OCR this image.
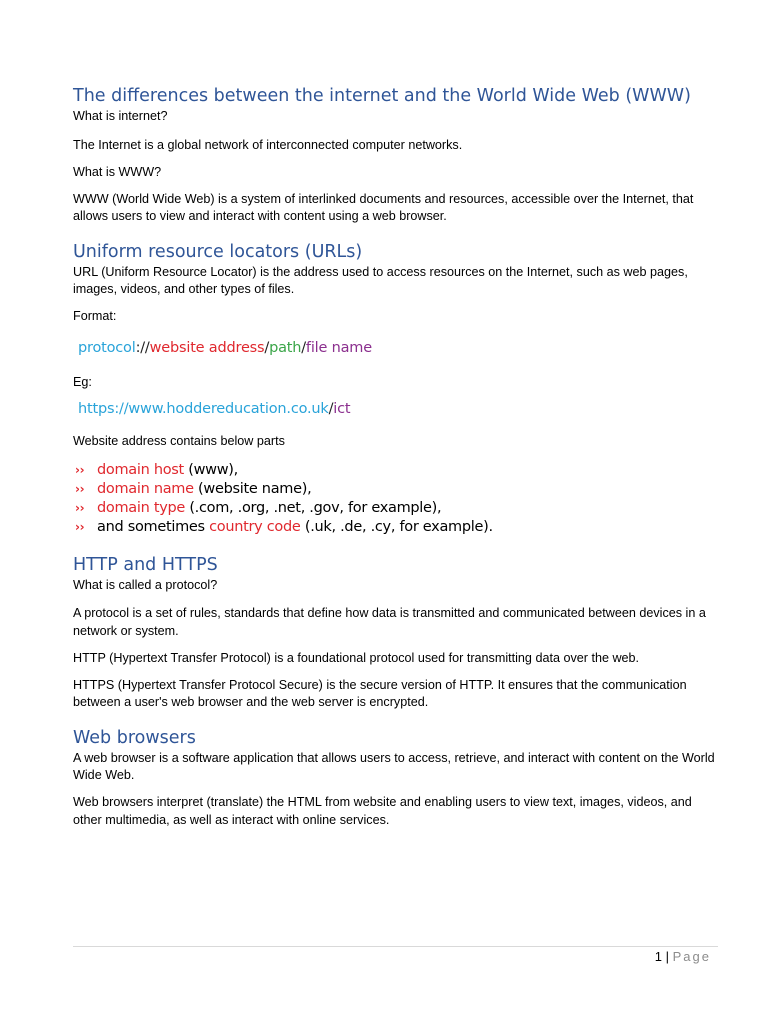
The differences between the internet and the World Wide Web (WWW)

What is internet?

The Internet is a global network of interconnected computer networks.

What is WWW?

WWW (World Wide Web) is a system of interlinked documents and resources, accessible over the Internet, that allows users to view and interact with content using a web browser.

Uniform resource locators (URLs)

URL (Uniform Resource Locator) is the address used to access resources on the Internet, such as web pages, images, videos, and other types of files.

Format:

protocol://website address/path/file name

Eg:

https://www.hoddereducation.co.uk/ict

Website address contains below parts

›› domain host (www),
›› domain name (website name),
›› domain type (.com, .org, .net, .gov, for example),
›› and sometimes country code (.uk, .de, .cy, for example).
HTTP and HTTPS

What is called a protocol?

A protocol is a set of rules, standards that define how data is transmitted and communicated between devices in a network or system.

HTTP (Hypertext Transfer Protocol) is a foundational protocol used for transmitting data over the web.

HTTPS (Hypertext Transfer Protocol Secure) is the secure version of HTTP. It ensures that the communication between a user's web browser and the web server is encrypted.

Web browsers

A web browser is a software application that allows users to access, retrieve, and interact with content on the World Wide Web.

Web browsers interpret (translate) the HTML from website and enabling users to view text, images, videos, and other multimedia, as well as interact with online services.

1 | Page
